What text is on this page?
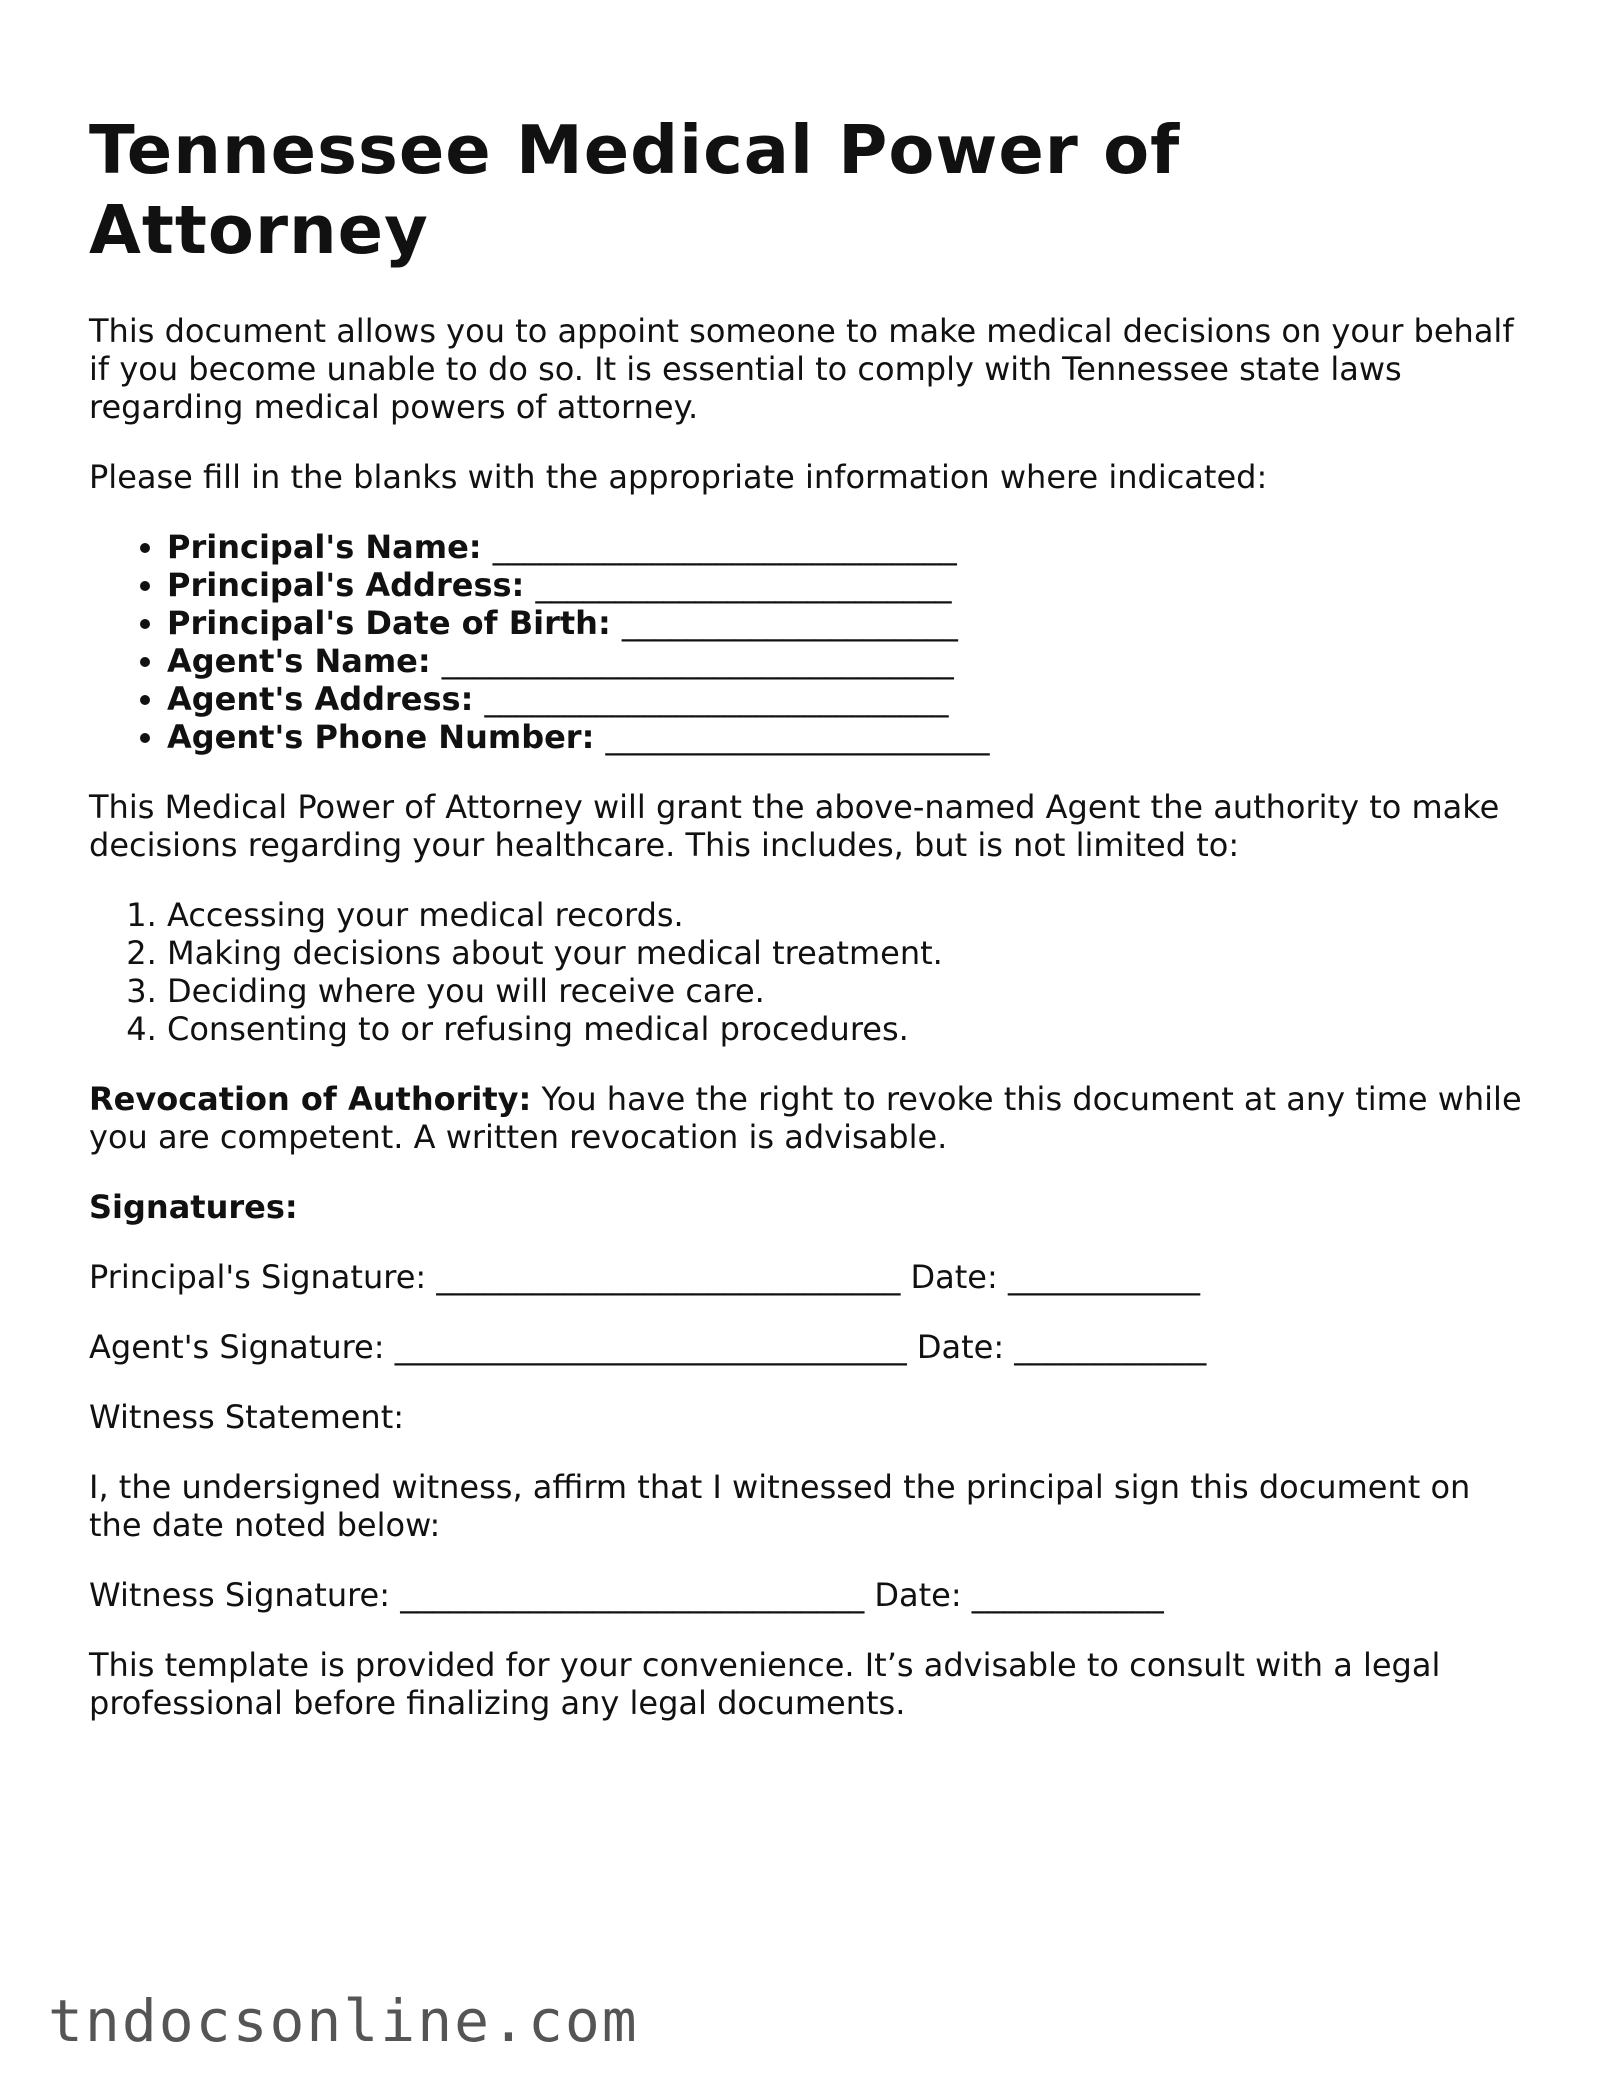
Tennessee Medical Power of Attorney

This document allows you to appoint someone to make medical decisions on your behalf if you become unable to do so. It is essential to comply with Tennessee state laws regarding medical powers of attorney.

Please fill in the blanks with the appropriate information where indicated:

• Principal's Name: _____________________________
• Principal's Address: __________________________
• Principal's Date of Birth: _____________________
• Agent's Name: ________________________________
• Agent's Address: _____________________________
• Agent's Phone Number: ________________________

This Medical Power of Attorney will grant the above-named Agent the authority to make decisions regarding your healthcare. This includes, but is not limited to:

1. Accessing your medical records.
2. Making decisions about your medical treatment.
3. Deciding where you will receive care.
4. Consenting to or refusing medical procedures.

Revocation of Authority: You have the right to revoke this document at any time while you are competent. A written revocation is advisable.

Signatures:

Principal's Signature: _____________________________ Date: ____________

Agent's Signature: ________________________________ Date: ____________

Witness Statement:

I, the undersigned witness, affirm that I witnessed the principal sign this document on the date noted below:

Witness Signature: _____________________________ Date: ____________

This template is provided for your convenience. It’s advisable to consult with a legal professional before finalizing any legal documents.

tndocsonline.com
